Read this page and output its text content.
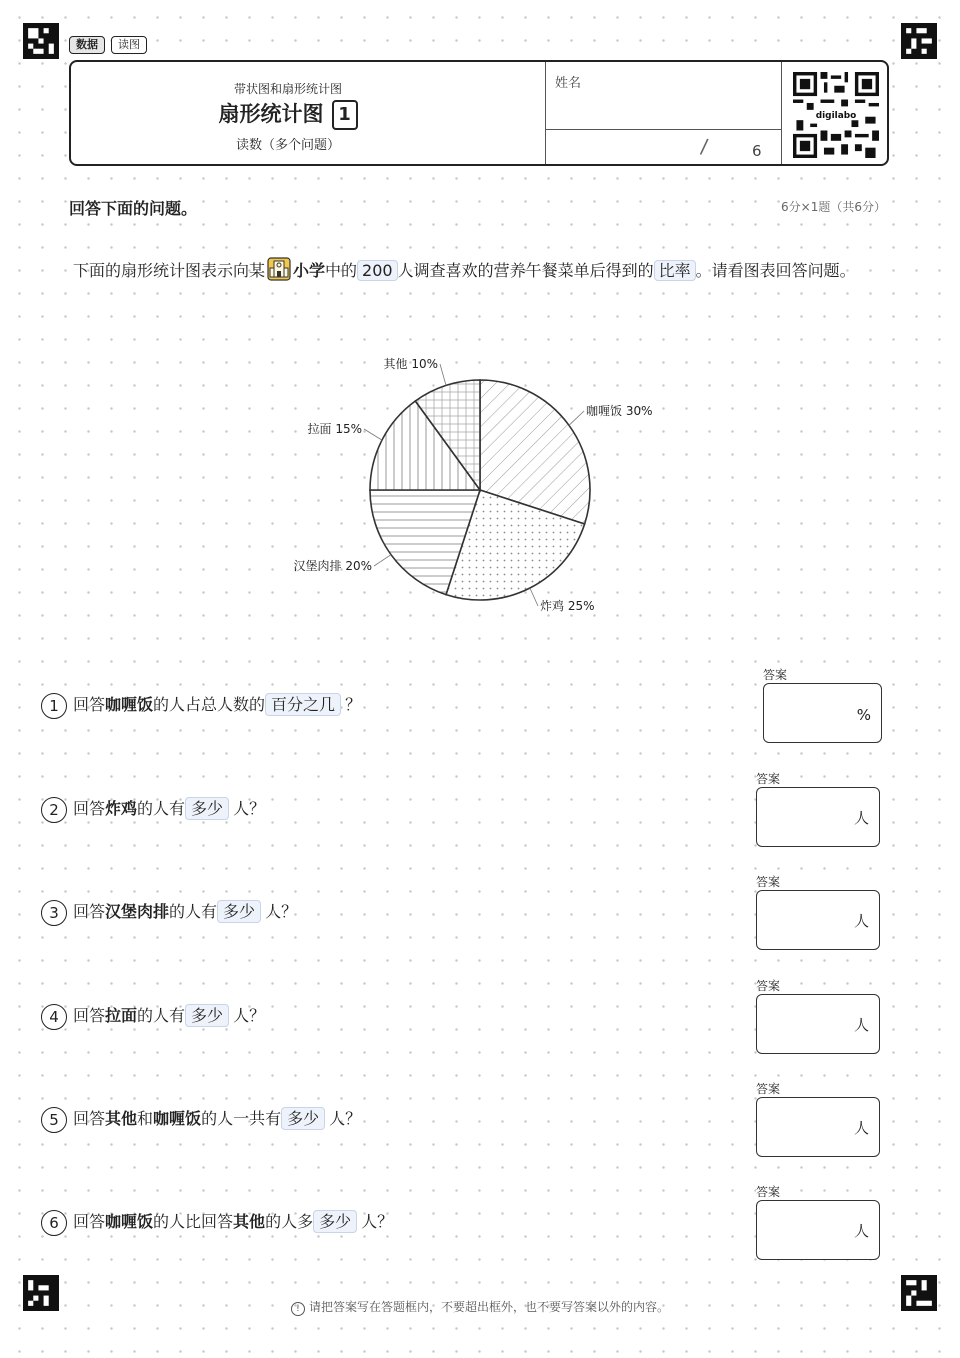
数据	读图
带状图和扇形统计图
扇形统计图 1
读数（多个问题）
姓名
/	6
digilabo
回答下面的问题。	6分×1题（共6分）
下面的扇形统计图表示向某 小学中的 200 人调查喜欢的营养午餐菜单后得到的 比率 。请看图表回答问题。
咖喱饭 30%
炸鸡 25%
汉堡肉排 20%
拉面 15%
其他 10%
1 回答咖喱饭的人占总人数的 百分之几 ？
答案
%
2 回答炸鸡的人有 多少 人？
答案
人
3 回答汉堡肉排的人有 多少 人？
答案
人
4 回答拉面的人有 多少 人？
答案
人
5 回答其他和咖喱饭的人一共有 多少 人？
答案
人
6 回答咖喱饭的人比回答其他的人多 多少 人？
答案
人
! 请把答案写在答题框内，不要超出框外，也不要写答案以外的内容。
